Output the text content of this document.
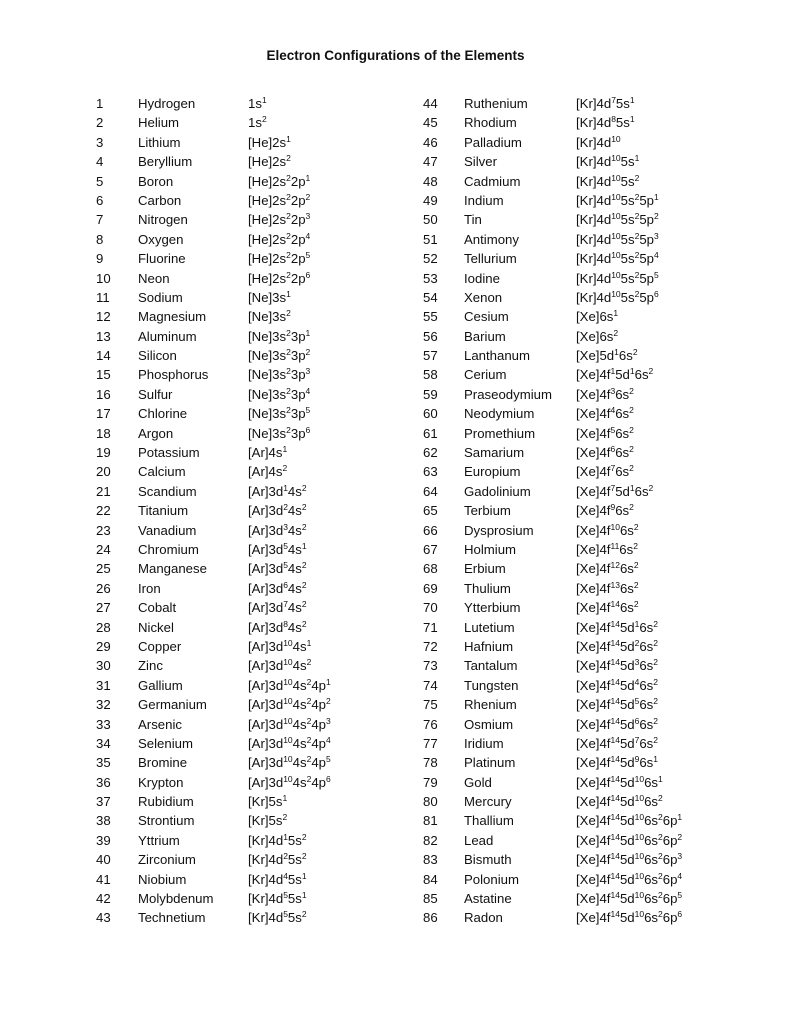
Electron Configurations of the Elements
1	Hydrogen	$1s^1$
2	Helium	$1s^2$
3	Lithium	$[He]2s^1$
4	Beryllium	$[He]2s^2$
5	Boron	$[He]2s^22p^1$
6	Carbon	$[He]2s^22p^2$
7	Nitrogen	$[He]2s^22p^3$
8	Oxygen	$[He]2s^22p^4$
9	Fluorine	$[He]2s^22p^5$
10	Neon	$[He]2s^22p^6$
11	Sodium	$[Ne]3s^1$
12	Magnesium	$[Ne]3s^2$
13	Aluminum	$[Ne]3s^23p^1$
14	Silicon	$[Ne]3s^23p^2$
15	Phosphorus	$[Ne]3s^23p^3$
16	Sulfur	$[Ne]3s^23p^4$
17	Chlorine	$[Ne]3s^23p^5$
18	Argon	$[Ne]3s^23p^6$
19	Potassium	$[Ar]4s^1$
20	Calcium	$[Ar]4s^2$
21	Scandium	$[Ar]3d^14s^2$
22	Titanium	$[Ar]3d^24s^2$
23	Vanadium	$[Ar]3d^34s^2$
24	Chromium	$[Ar]3d^54s^1$
25	Manganese	$[Ar]3d^54s^2$
26	Iron	$[Ar]3d^64s^2$
27	Cobalt	$[Ar]3d^74s^2$
28	Nickel	$[Ar]3d^84s^2$
29	Copper	$[Ar]3d^{10}4s^1$
30	Zinc	$[Ar]3d^{10}4s^2$
31	Gallium	$[Ar]3d^{10}4s^24p^1$
32	Germanium	$[Ar]3d^{10}4s^24p^2$
33	Arsenic	$[Ar]3d^{10}4s^24p^3$
34	Selenium	$[Ar]3d^{10}4s^24p^4$
35	Bromine	$[Ar]3d^{10}4s^24p^5$
36	Krypton	$[Ar]3d^{10}4s^24p^6$
37	Rubidium	$[Kr]5s^1$
38	Strontium	$[Kr]5s^2$
39	Yttrium	$[Kr]4d^15s^2$
40	Zirconium	$[Kr]4d^25s^2$
41	Niobium	$[Kr]4d^45s^1$
42	Molybdenum	$[Kr]4d^55s^1$
43	Technetium	$[Kr]4d^55s^2$
44	Ruthenium	$[Kr]4d^75s^1$
45	Rhodium	$[Kr]4d^85s^1$
46	Palladium	$[Kr]4d^{10}$
47	Silver	$[Kr]4d^{10}5s^1$
48	Cadmium	$[Kr]4d^{10}5s^2$
49	Indium	$[Kr]4d^{10}5s^25p^1$
50	Tin	$[Kr]4d^{10}5s^25p^2$
51	Antimony	$[Kr]4d^{10}5s^25p^3$
52	Tellurium	$[Kr]4d^{10}5s^25p^4$
53	Iodine	$[Kr]4d^{10}5s^25p^5$
54	Xenon	$[Kr]4d^{10}5s^25p^6$
55	Cesium	$[Xe]6s^1$
56	Barium	$[Xe]6s^2$
57	Lanthanum	$[Xe]5d^16s^2$
58	Cerium	$[Xe]4f^15d^16s^2$
59	Praseodymium	$[Xe]4f^36s^2$
60	Neodymium	$[Xe]4f^46s^2$
61	Promethium	$[Xe]4f^56s^2$
62	Samarium	$[Xe]4f^66s^2$
63	Europium	$[Xe]4f^76s^2$
64	Gadolinium	$[Xe]4f^75d^16s^2$
65	Terbium	$[Xe]4f^96s^2$
66	Dysprosium	$[Xe]4f^{10}6s^2$
67	Holmium	$[Xe]4f^{11}6s^2$
68	Erbium	$[Xe]4f^{12}6s^2$
69	Thulium	$[Xe]4f^{13}6s^2$
70	Ytterbium	$[Xe]4f^{14}6s^2$
71	Lutetium	$[Xe]4f^{14}5d^16s^2$
72	Hafnium	$[Xe]4f^{14}5d^26s^2$
73	Tantalum	$[Xe]4f^{14}5d^36s^2$
74	Tungsten	$[Xe]4f^{14}5d^46s^2$
75	Rhenium	$[Xe]4f^{14}5d^56s^2$
76	Osmium	$[Xe]4f^{14}5d^66s^2$
77	Iridium	$[Xe]4f^{14}5d^76s^2$
78	Platinum	$[Xe]4f^{14}5d^96s^1$
79	Gold	$[Xe]4f^{14}5d^{10}6s^1$
80	Mercury	$[Xe]4f^{14}5d^{10}6s^2$
81	Thallium	$[Xe]4f^{14}5d^{10}6s^26p^1$
82	Lead	$[Xe]4f^{14}5d^{10}6s^26p^2$
83	Bismuth	$[Xe]4f^{14}5d^{10}6s^26p^3$
84	Polonium	$[Xe]4f^{14}5d^{10}6s^26p^4$
85	Astatine	$[Xe]4f^{14}5d^{10}6s^26p^5$
86	Radon	$[Xe]4f^{14}5d^{10}6s^26p^6$
